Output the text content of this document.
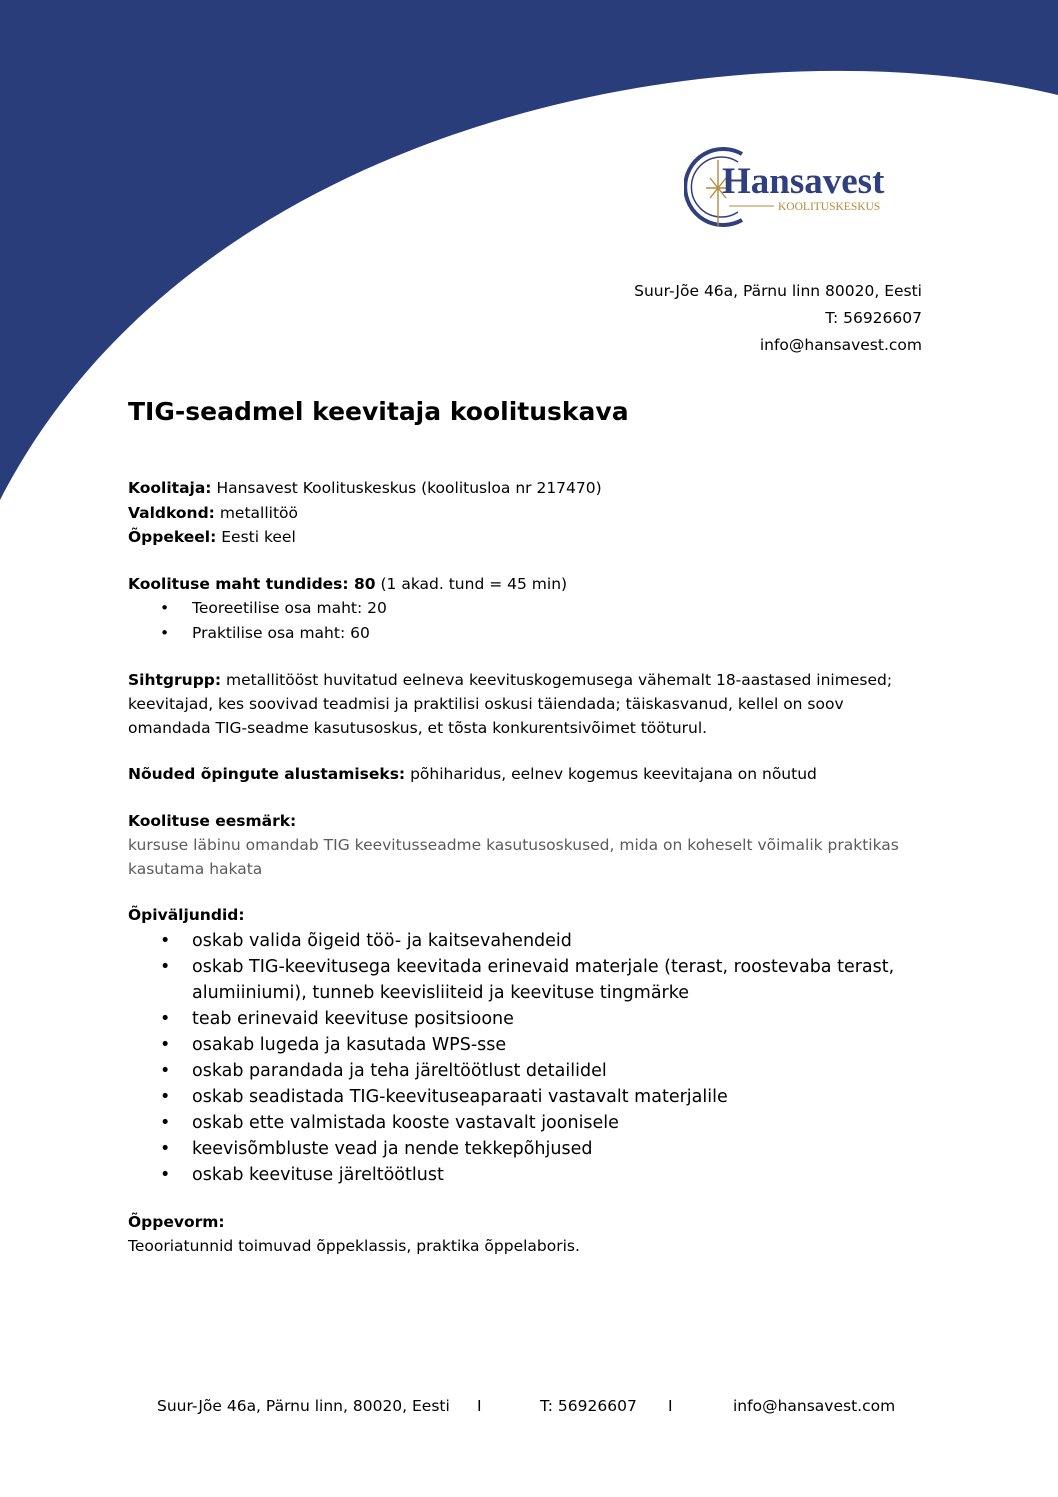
Hansavest
KOOLITUSKESKUS
Suur-Jõe 46a, Pärnu linn 80020, Eesti
T: 56926607
info@hansavest.com
TIG-seadmel keevitaja koolituskava
Koolitaja: Hansavest Koolituskeskus (koolitusloa nr 217470)
Valdkond: metallitöö
Õppekeel: Eesti keel
Koolituse maht tundides: 80 (1 akad. tund = 45 min)
• Teoreetilise osa maht: 20
• Praktilise osa maht: 60
Sihtgrupp: metallitööst huvitatud eelneva keevituskogemusega vähemalt 18-aastased inimesed; keevitajad, kes soovivad teadmisi ja praktilisi oskusi täiendada; täiskasvanud, kellel on soov omandada TIG-seadme kasutusoskus, et tõsta konkurentsivõimet tööturul.
Nõuded õpingute alustamiseks: põhiharidus, eelnev kogemus keevitajana on nõutud
Koolituse eesmärk:
kursuse läbinu omandab TIG keevitusseadme kasutusoskused, mida on koheselt võimalik praktikas kasutama hakata
Õpiväljundid:
• oskab valida õigeid töö- ja kaitsevahendeid
• oskab TIG-keevitusega keevitada erinevaid materjale (terast, roostevaba terast, alumiiniumi), tunneb keevisliiteid ja keevituse tingmärke
• teab erinevaid keevituse positsioone
• osakab lugeda ja kasutada WPS-sse
• oskab parandada ja teha järeltöötlust detailidel
• oskab seadistada TIG-keevituseaparaati vastavalt materjalile
• oskab ette valmistada kooste vastavalt joonisele
• keevisõmbluste vead ja nende tekkepõhjused
• oskab keevituse järeltöötlust
Õppevorm:
Teooriatunnid toimuvad õppeklassis, praktika õppelaboris.
Suur-Jõe 46a, Pärnu linn, 80020, Eesti I	T: 56926607 I	info@hansavest.com
